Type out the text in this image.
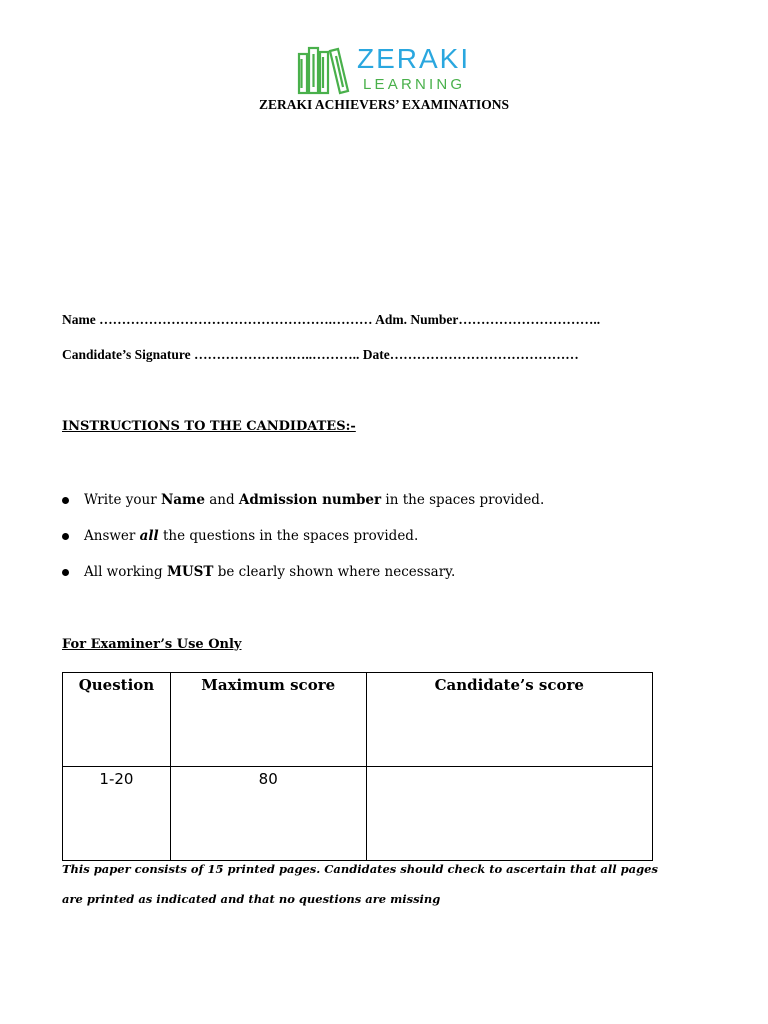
ZERAKI
LEARNING
ZERAKI ACHIEVERS’ EXAMINATIONS
Name …………………………………………….……… Adm. Number…………………………..
Candidate’s Signature ………………….…..……….. Date……………………………………
INSTRUCTIONS TO THE CANDIDATES:-
Write your Name and Admission number in the spaces provided.
Answer all the questions in the spaces provided.
All working MUST be clearly shown where necessary.
For Examiner’s Use Only
Question	Maximum score	Candidate’s score
1-20	80	
This paper consists of 15 printed pages. Candidates should check to ascertain that all pages
are printed as indicated and that no questions are missing
